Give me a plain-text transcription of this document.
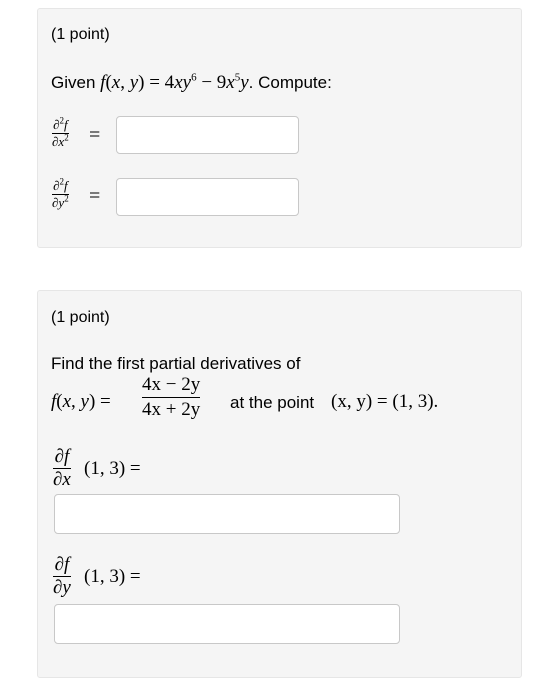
(1 point)
Given f(x, $y) = 4xy^6 - 9x^5y$. Compute:
∂$^2$f
$\partial x^2$ =
∂$^2$f
$\partial y^2$ =
(1 point)
Find the first partial derivatives of
f(x, y) =
4x − 2y
4x + 2y at the point (x, y) = (1, 3).
∂f
∂x
(1, 3) =
∂f
∂y
(1, 3) =
